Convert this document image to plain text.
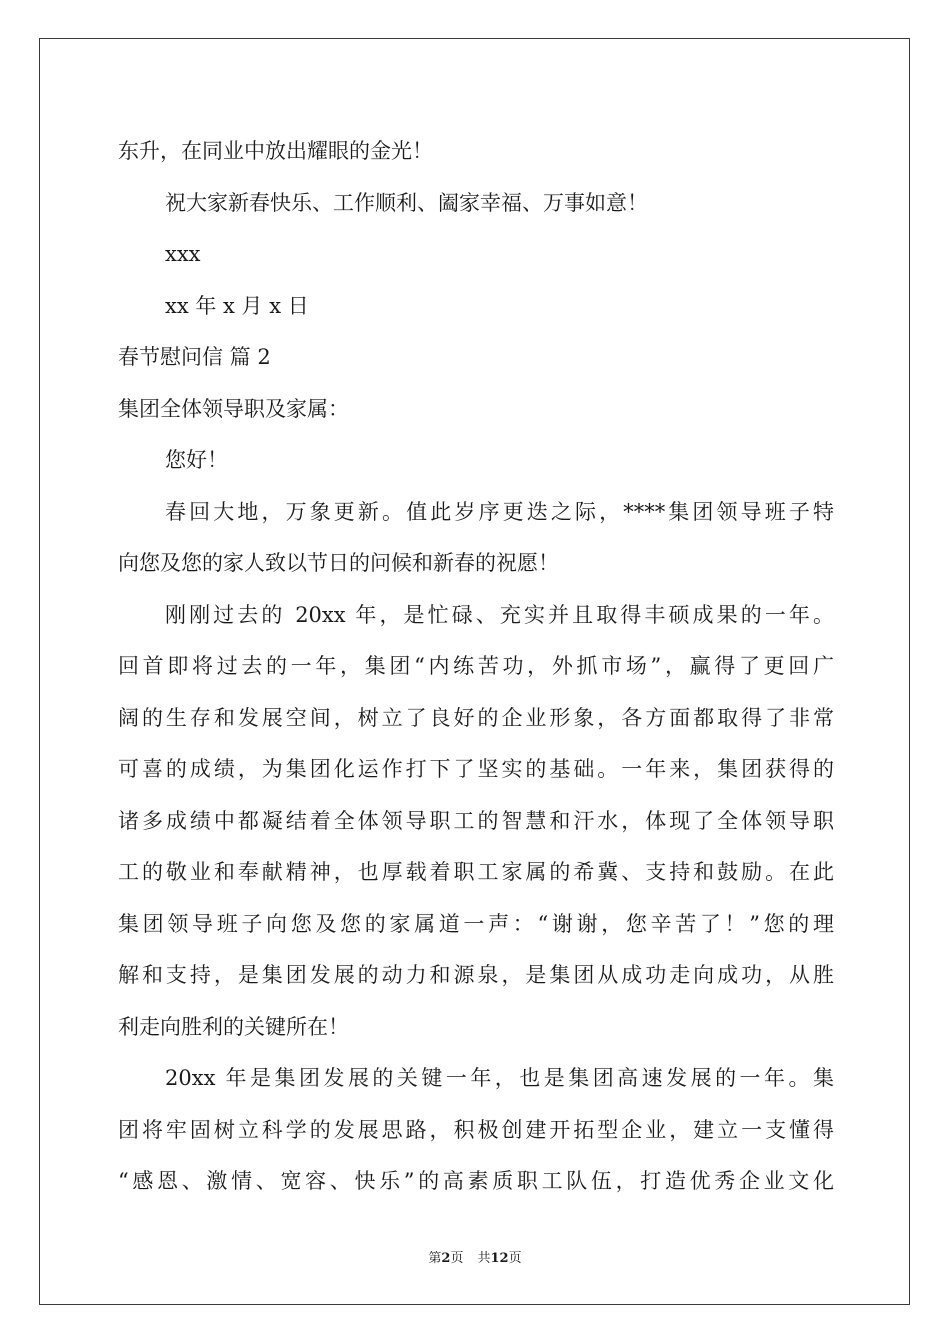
东升，在同业中放出耀眼的金光！
祝大家新春快乐、工作顺利、阖家幸福、万事如意！
xxx
xx 年 x 月 x 日
春节慰问信 篇 2
集团全体领导职及家属：
您好！
春回大地，万象更新。值此岁序更迭之际，****集团领导班子特
向您及您的家人致以节日的问候和新春的祝愿！
刚刚过去的 20xx 年，是忙碌、充实并且取得丰硕成果的一年。
回首即将过去的一年，集团“内练苦功，外抓市场”，赢得了更回广
阔的生存和发展空间，树立了良好的企业形象，各方面都取得了非常
可喜的成绩，为集团化运作打下了坚实的基础。一年来，集团获得的
诸多成绩中都凝结着全体领导职工的智慧和汗水，体现了全体领导职
工的敬业和奉献精神，也厚载着职工家属的希冀、支持和鼓励。在此
集团领导班子向您及您的家属道一声：“谢谢，您辛苦了！”您的理
解和支持，是集团发展的动力和源泉，是集团从成功走向成功，从胜
利走向胜利的关键所在！
20xx 年是集团发展的关键一年，也是集团高速发展的一年。集
团将牢固树立科学的发展思路，积极创建开拓型企业，建立一支懂得
“感恩、激情、宽容、快乐”的高素质职工队伍，打造优秀企业文化
第2页 共12页
